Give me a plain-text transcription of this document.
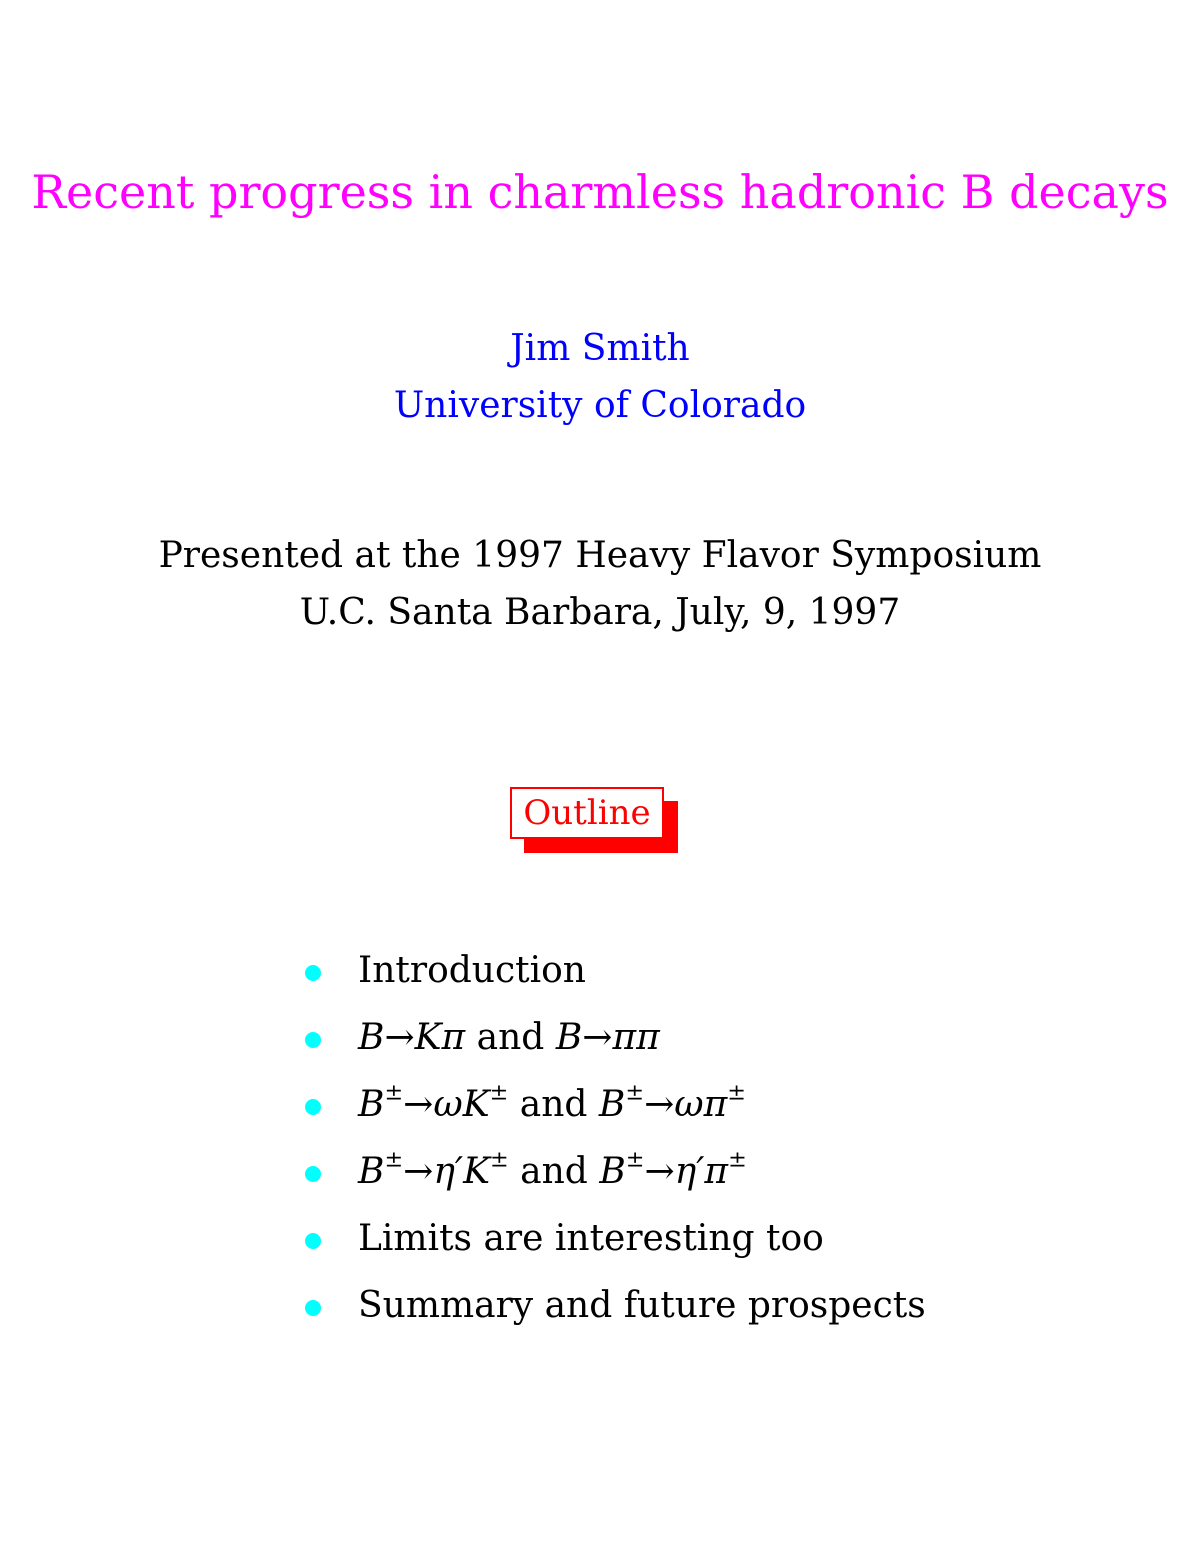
Recent progress in charmless hadronic B decays
Jim Smith
University of Colorado
Presented at the 1997 Heavy Flavor Symposium
U.C. Santa Barbara, July, 9, 1997
Outline
Introduction
B→Kπ and B→ππ
B±→ωK± and B±→ωπ±
B±→η′K± and B±→η′π±
Limits are interesting too
Summary and future prospects
